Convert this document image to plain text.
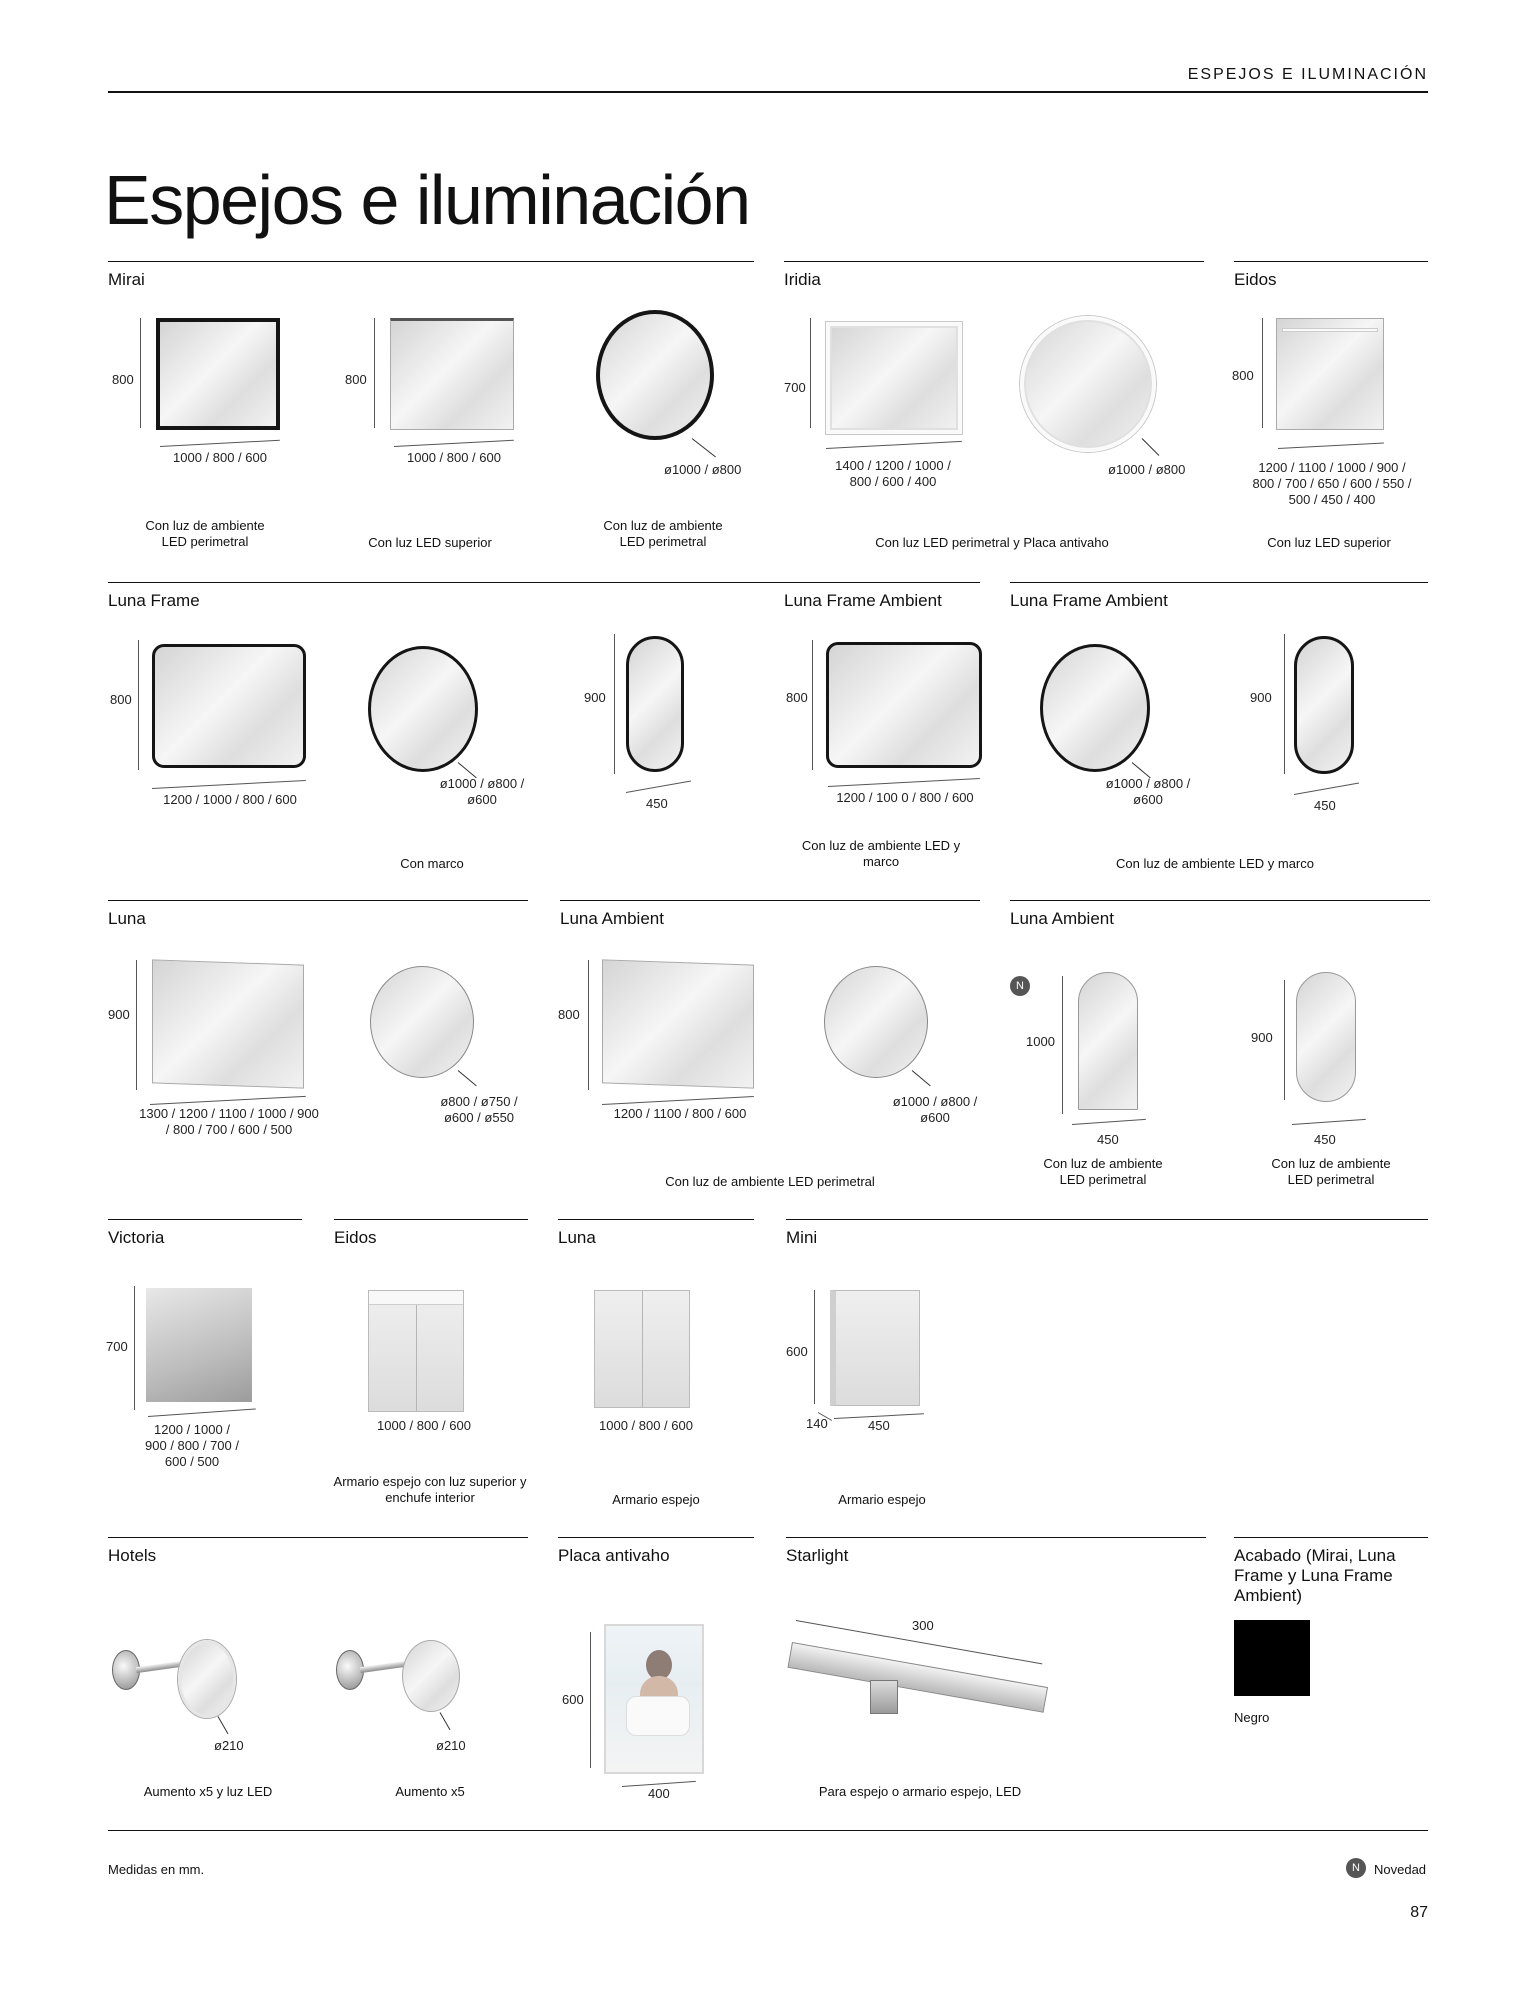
ESPEJOS E ILUMINACIÓN
Espejos e iluminación
Mirai	Iridia	Eidos
800
1000 / 800 / 600
Con luz de ambiente LED perimetral
800
1000 / 800 / 600
Con luz LED superior
ø1000 / ø800
Con luz de ambiente LED perimetral
700
1400 / 1200 / 1000 / 800 / 600 / 400
ø1000 / ø800
Con luz LED perimetral y Placa antivaho
800
1200 / 1100 / 1000 / 900 / 800 / 700 / 650 / 600 / 550 / 500 / 450 / 400
Con luz LED superior
Luna Frame	Luna Frame Ambient	Luna Frame Ambient
800
1200 / 1000 / 800 / 600
ø1000 / ø800 / ø600
900
450
Con marco
800
1200 / 100 0 / 800 / 600
Con luz de ambiente LED y marco
ø1000 / ø800 / ø600
900
450
Con luz de ambiente LED y marco
Luna	Luna Ambient	Luna Ambient
900
1300 / 1200 / 1100 / 1000 / 900 / 800 / 700 / 600 / 500
ø800 / ø750 / ø600 / ø550
800
1200 / 1100 / 800 / 600
ø1000 / ø800 / ø600
Con luz de ambiente LED perimetral
N
1000
450
Con luz de ambiente LED perimetral
900
450
Con luz de ambiente LED perimetral
Victoria	Eidos	Luna	Mini
700
1200 / 1000 / 900 / 800 / 700 / 600 / 500
1000 / 800 / 600
Armario espejo con luz superior y enchufe interior
1000 / 800 / 600
Armario espejo
600
140	450
Armario espejo
Hotels	Placa antivaho	Starlight	Acabado (Mirai, Luna Frame y Luna Frame Ambient)
ø210
Aumento x5 y luz LED
ø210
Aumento x5
600
400
300
Para espejo o armario espejo, LED
Negro
Medidas en mm.	N	Novedad
87
